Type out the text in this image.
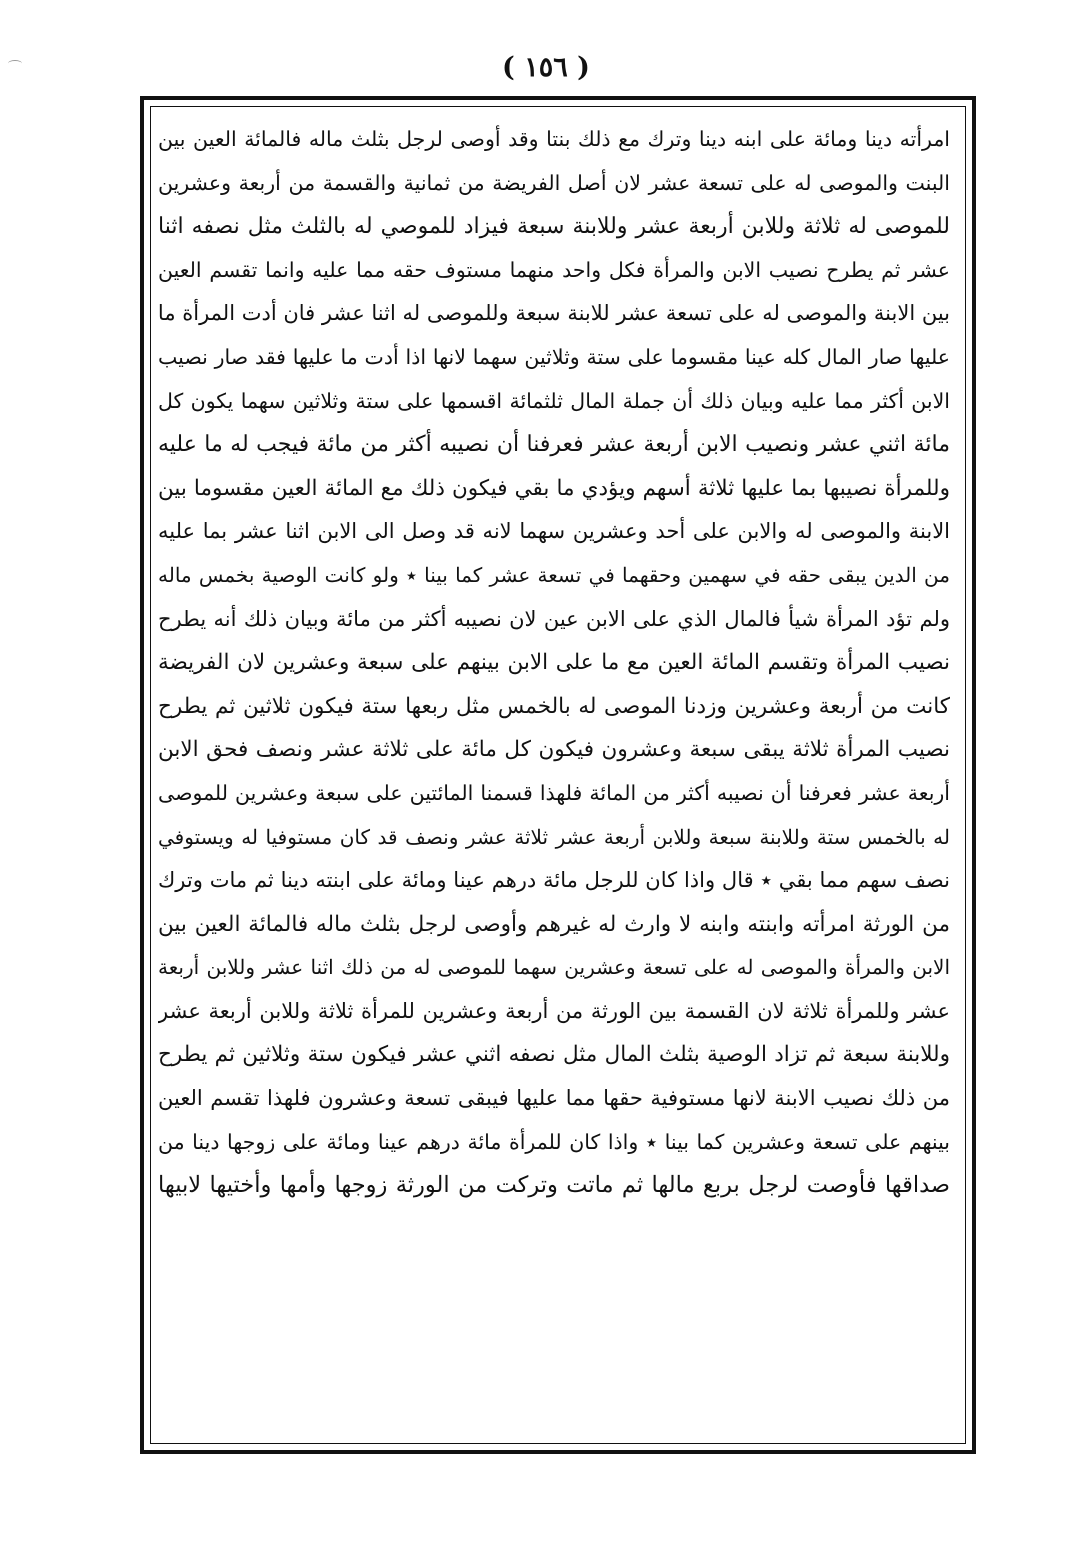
( ١٥٦ )
امرأته دينا ومائة على ابنه دينا وترك مع ذلك بنتا وقد أوصى لرجل بثلث ماله فالمائة العين بين
البنت والموصى له على تسعة عشر لان أصل الفريضة من ثمانية والقسمة من أربعة وعشرين
للموصى له ثلاثة وللابن أربعة عشر وللابنة سبعة فيزاد للموصي له بالثلث مثل نصفه اثنا
عشر ثم يطرح نصيب الابن والمرأة فكل واحد منهما مستوف حقه مما عليه وانما تقسم العين
بين الابنة والموصى له على تسعة عشر للابنة سبعة وللموصى له اثنا عشر فان أدت المرأة ما
عليها صار المال كله عينا مقسوما على ستة وثلاثين سهما لانها اذا أدت ما عليها فقد صار نصيب
الابن أكثر مما عليه وبيان ذلك أن جملة المال ثلثمائة اقسمها على ستة وثلاثين سهما يكون كل
مائة اثني عشر ونصيب الابن أربعة عشر فعرفنا أن نصيبه أكثر من مائة فيجب له ما عليه
وللمرأة نصيبها بما عليها ثلاثة أسهم ويؤدي ما بقي فيكون ذلك مع المائة العين مقسوما بين
الابنة والموصى له والابن على أحد وعشرين سهما لانه قد وصل الى الابن اثنا عشر بما عليه
من الدين يبقى حقه في سهمين وحقهما في تسعة عشر كما بينا ٭ ولو كانت الوصية بخمس ماله
ولم تؤد المرأة شيأ فالمال الذي على الابن عين لان نصيبه أكثر من مائة وبيان ذلك أنه يطرح
نصيب المرأة وتقسم المائة العين مع ما على الابن بينهم على سبعة وعشرين لان الفريضة
كانت من أربعة وعشرين وزدنا الموصى له بالخمس مثل ربعها ستة فيكون ثلاثين ثم يطرح
نصيب المرأة ثلاثة يبقى سبعة وعشرون فيكون كل مائة على ثلاثة عشر ونصف فحق الابن
أربعة عشر فعرفنا أن نصيبه أكثر من المائة فلهذا قسمنا المائتين على سبعة وعشرين للموصى
له بالخمس ستة وللابنة سبعة وللابن أربعة عشر ثلاثة عشر ونصف قد كان مستوفيا له ويستوفي
نصف سهم مما بقي ٭ قال واذا كان للرجل مائة درهم عينا ومائة على ابنته دينا ثم مات وترك
من الورثة امرأته وابنته وابنه لا وارث له غيرهم وأوصى لرجل بثلث ماله فالمائة العين بين
الابن والمرأة والموصى له على تسعة وعشرين سهما للموصى له من ذلك اثنا عشر وللابن أربعة
عشر وللمرأة ثلاثة لان القسمة بين الورثة من أربعة وعشرين للمرأة ثلاثة وللابن أربعة عشر
وللابنة سبعة ثم تزاد الوصية بثلث المال مثل نصفه اثني عشر فيكون ستة وثلاثين ثم يطرح
من ذلك نصيب الابنة لانها مستوفية حقها مما عليها فيبقى تسعة وعشرون فلهذا تقسم العين
بينهم على تسعة وعشرين كما بينا ٭ واذا كان للمرأة مائة درهم عينا ومائة على زوجها دينا من
صداقها فأوصت لرجل بربع مالها ثم ماتت وتركت من الورثة زوجها وأمها وأختيها لابيها
